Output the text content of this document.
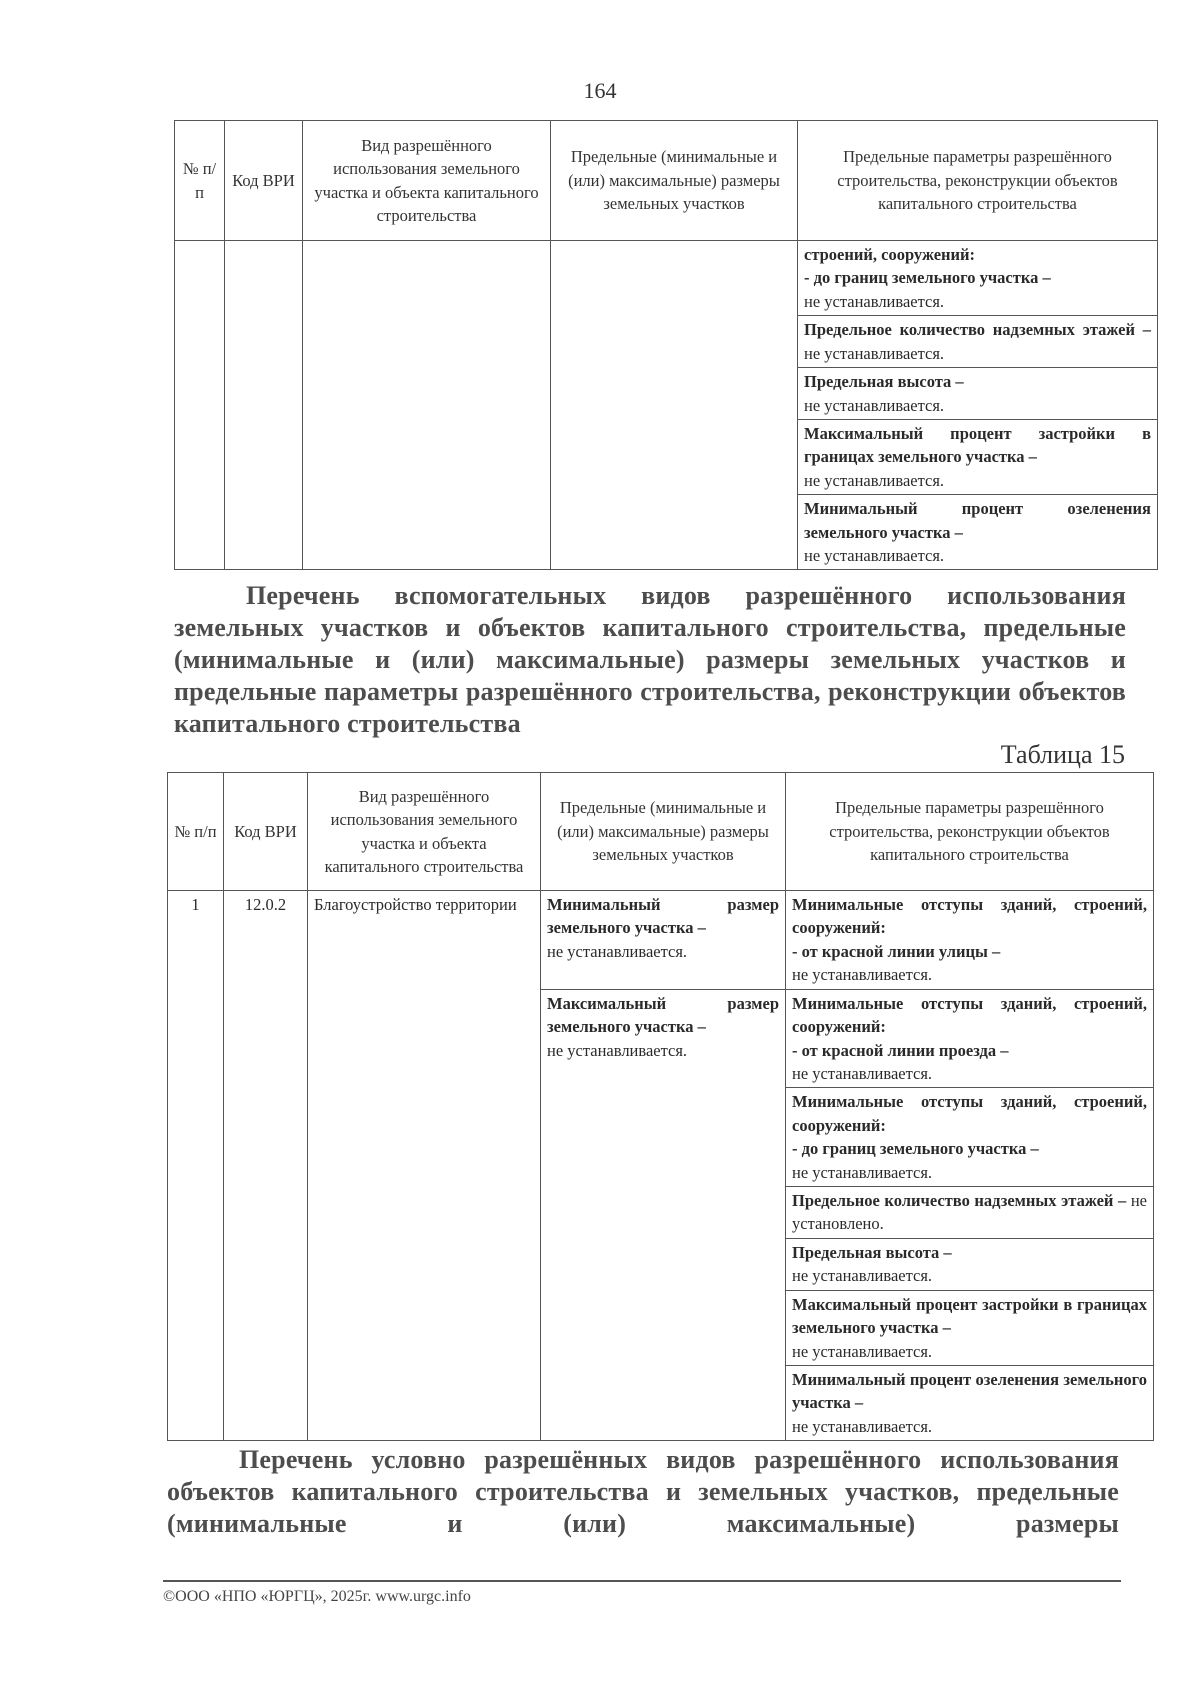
164
№ п/п	Код ВРИ	Вид разрешённого использования земельного участка и объекта капитального строительства	Предельные (минимальные и (или) максимальные) размеры земельных участков	Предельные параметры разрешённого строительства, реконструкции объектов капитального строительства
				строений, сооружений:
- до границ земельного участка –
не устанавливается.
				Предельное количество надземных этажей – не устанавливается.
				Предельная высота –
не устанавливается.
				Максимальный процент застройки в границах земельного участка –
не устанавливается.
				Минимальный процент озеленения земельного участка –
не устанавливается.
Перечень вспомогательных видов разрешённого использования земельных участков и объектов капитального строительства, предельные (минимальные и (или) максимальные) размеры земельных участков и предельные параметры разрешённого строительства, реконструкции объектов капитального строительства
Таблица 15
№ п/п	Код ВРИ	Вид разрешённого использования земельного участка и объекта капитального строительства	Предельные (минимальные и (или) максимальные) размеры земельных участков	Предельные параметры разрешённого строительства, реконструкции объектов капитального строительства
1	12.0.2	Благоустройство территории	Минимальный размер земельного участка –
не устанавливается.	Минимальные отступы зданий, строений, сооружений:
- от красной линии улицы –
не устанавливается.
			Максимальный размер земельного участка –
не устанавливается.	Минимальные отступы зданий, строений, сооружений:
- от красной линии проезда –
не устанавливается.
				Минимальные отступы зданий, строений, сооружений:
- до границ земельного участка –
не устанавливается.
				Предельное количество надземных этажей – не установлено.
				Предельная высота –
не устанавливается.
				Максимальный процент застройки в границах земельного участка –
не устанавливается.
				Минимальный процент озеленения земельного участка –
не устанавливается.
Перечень условно разрешённых видов разрешённого использования объектов капитального строительства и земельных участков, предельные (минимальные и (или) максимальные) размеры
©ООО «НПО «ЮРГЦ», 2025г. www.urgc.info
